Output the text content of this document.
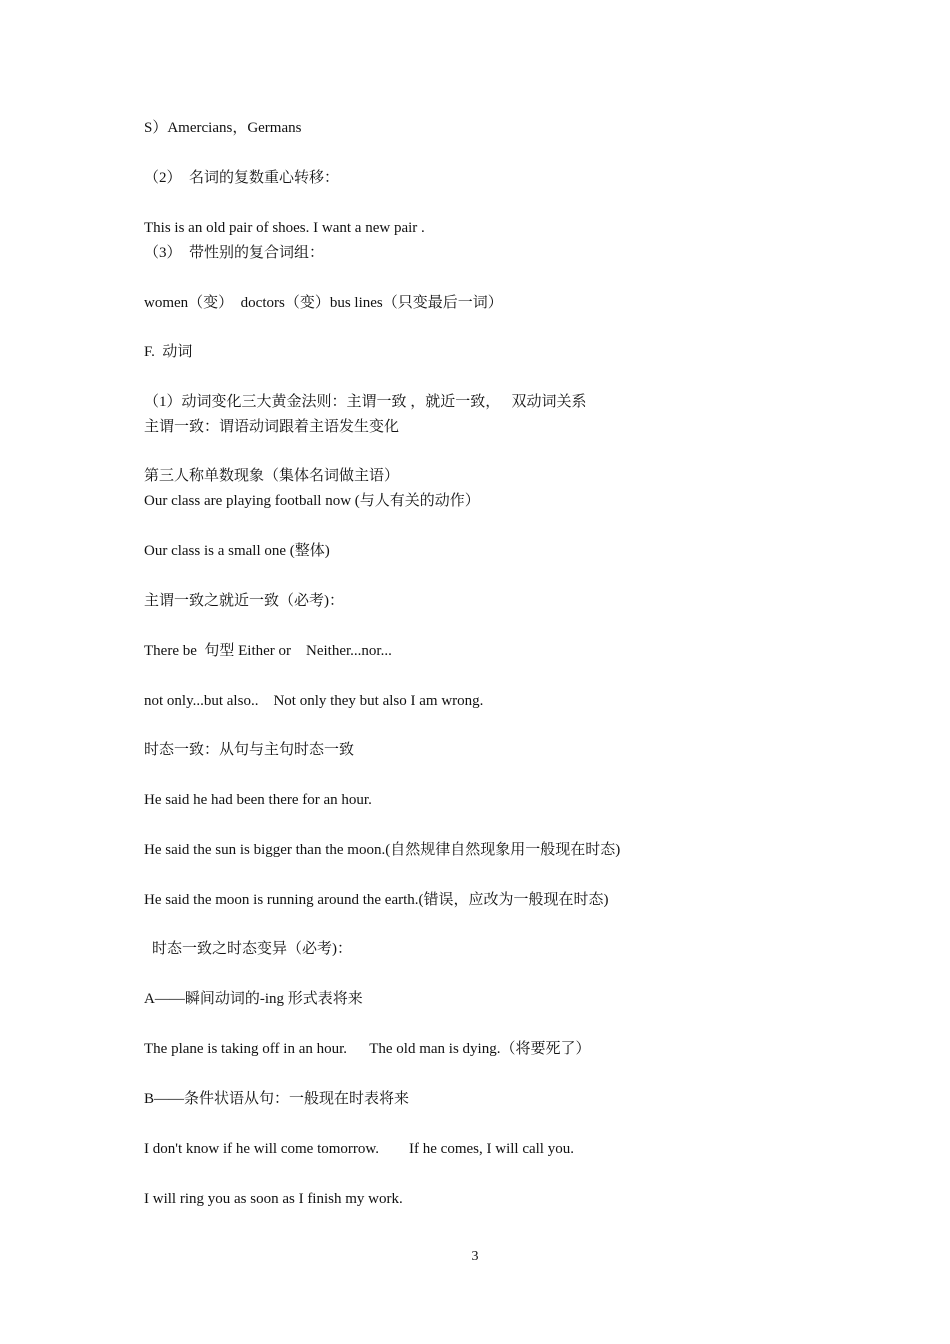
S）Amercians，Germans
（2）  名词的复数重心转移：
This is an old pair of shoes. I want a new pair .
（3）  带性别的复合词组：
women（变）  doctors（变）bus lines（只变最后一词）
F.  动词
（1）动词变化三大黄金法则：主谓一致 ，就近一致，   双动词关系
主谓一致：谓语动词跟着主语发生变化
第三人称单数现象（集体名词做主语）
Our class are playing football now (与人有关的动作）
Our class is a small one (整体)
主谓一致之就近一致（必考)：
There be  句型 Either or    Neither...nor...
not only...but also..    Not only they but also I am wrong.
时态一致：从句与主句时态一致
He said he had been there for an hour.
He said the sun is bigger than the moon.(自然规律自然现象用一般现在时态)
He said the moon is running around the earth.(错误，应改为一般现在时态)
时态一致之时态变异（必考)：
A——瞬间动词的-ing 形式表将来
The plane is taking off in an hour.      The old man is dying.（将要死了）
B——条件状语从句：一般现在时表将来
I don't know if he will come tomorrow.        If he comes, I will call you.
I will ring you as soon as I finish my work.
3
